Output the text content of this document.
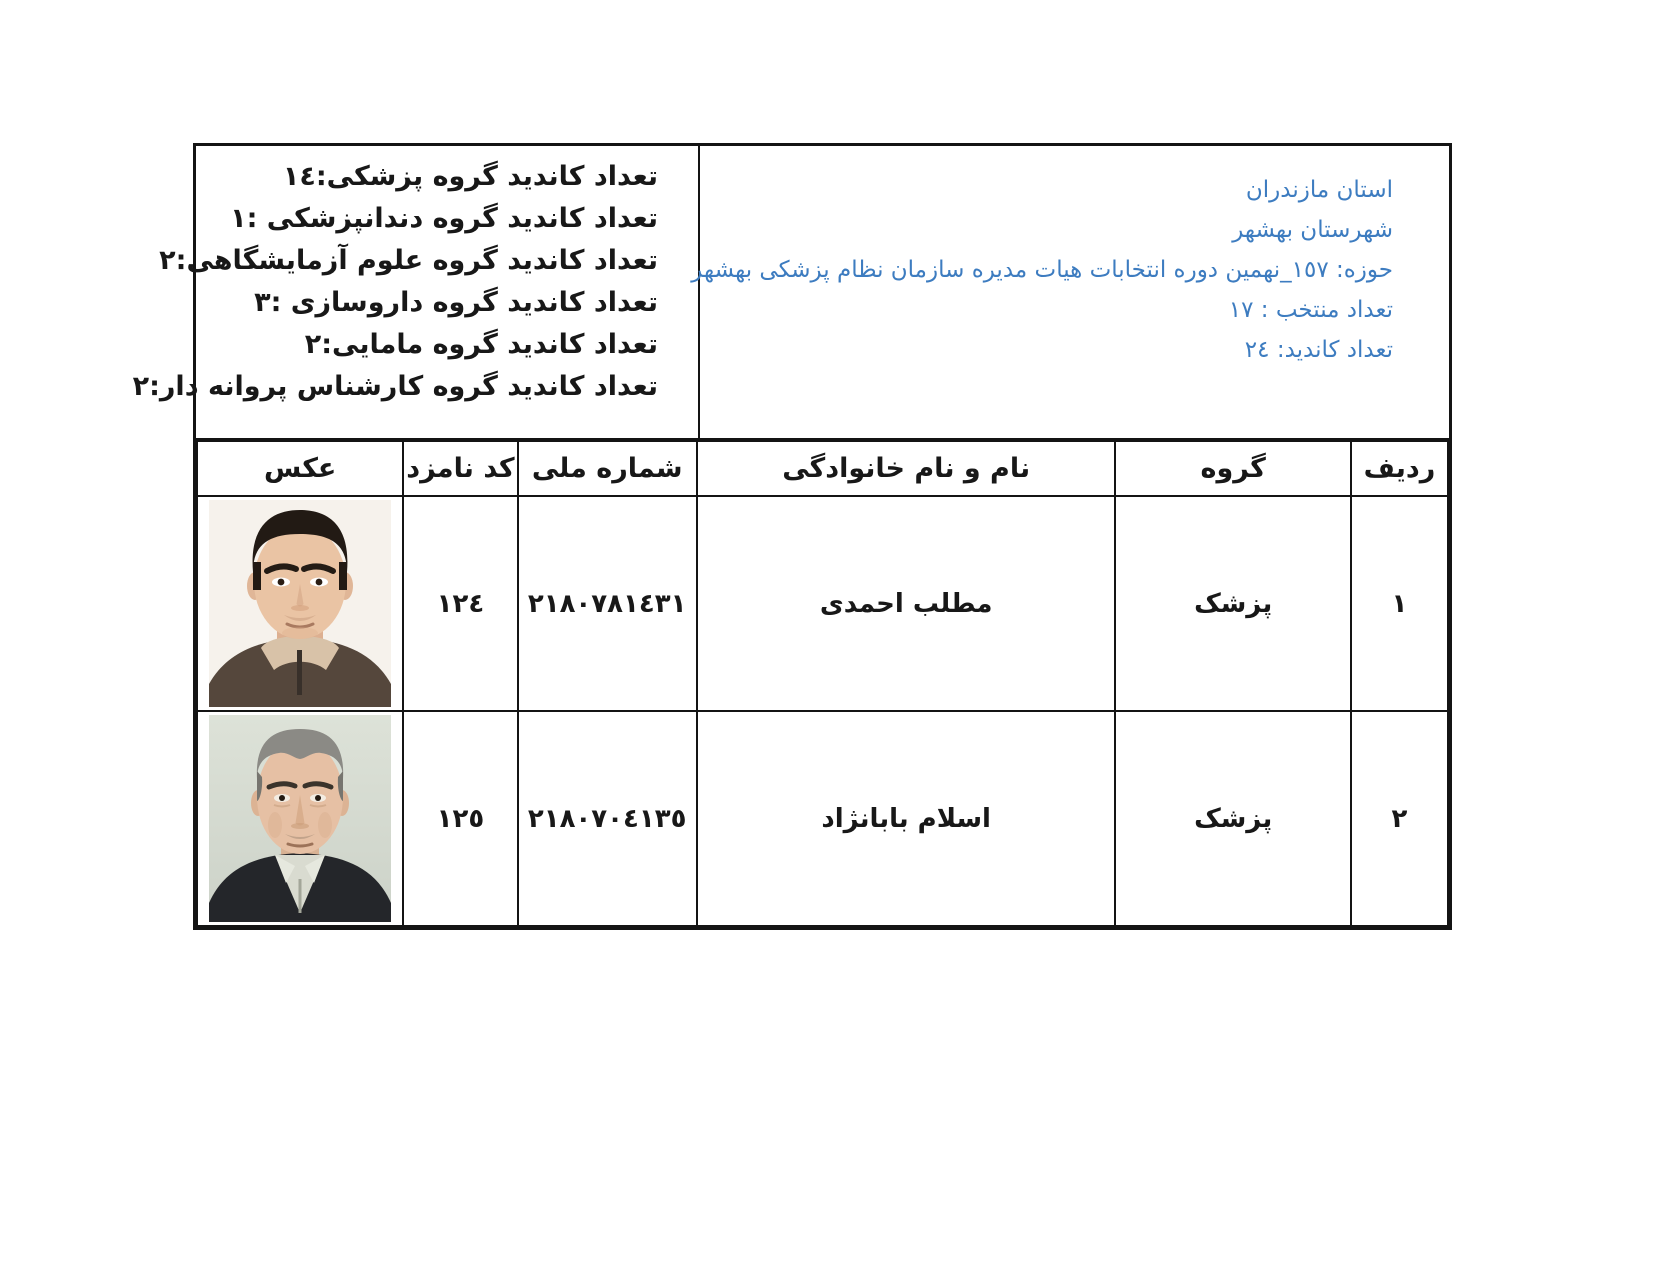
استان مازندران
شهرستان بهشهر
حوزه: ١٥٧_نهمین دوره انتخابات هیات مدیره سازمان نظام پزشکی بهشهر
تعداد منتخب : ١٧
تعداد کاندید: ٢٤
تعداد کاندید گروه پزشکی:١٤
تعداد کاندید گروه دندانپزشکی :١
تعداد کاندید گروه علوم آزمایشگاهی:٢
تعداد کاندید گروه داروسازی :٣
تعداد کاندید گروه مامایی:٢
تعداد کاندید گروه کارشناس پروانه دار:٢
ردیف	گروه	نام و نام خانوادگی	شماره ملی	کد نامزد	عکس
١	پزشک	مطلب احمدی	٢١٨٠٧٨١٤٣١	١٢٤	

٢	پزشک	اسلام بابانژاد	٢١٨٠٧٠٤١٣٥	١٢٥	
